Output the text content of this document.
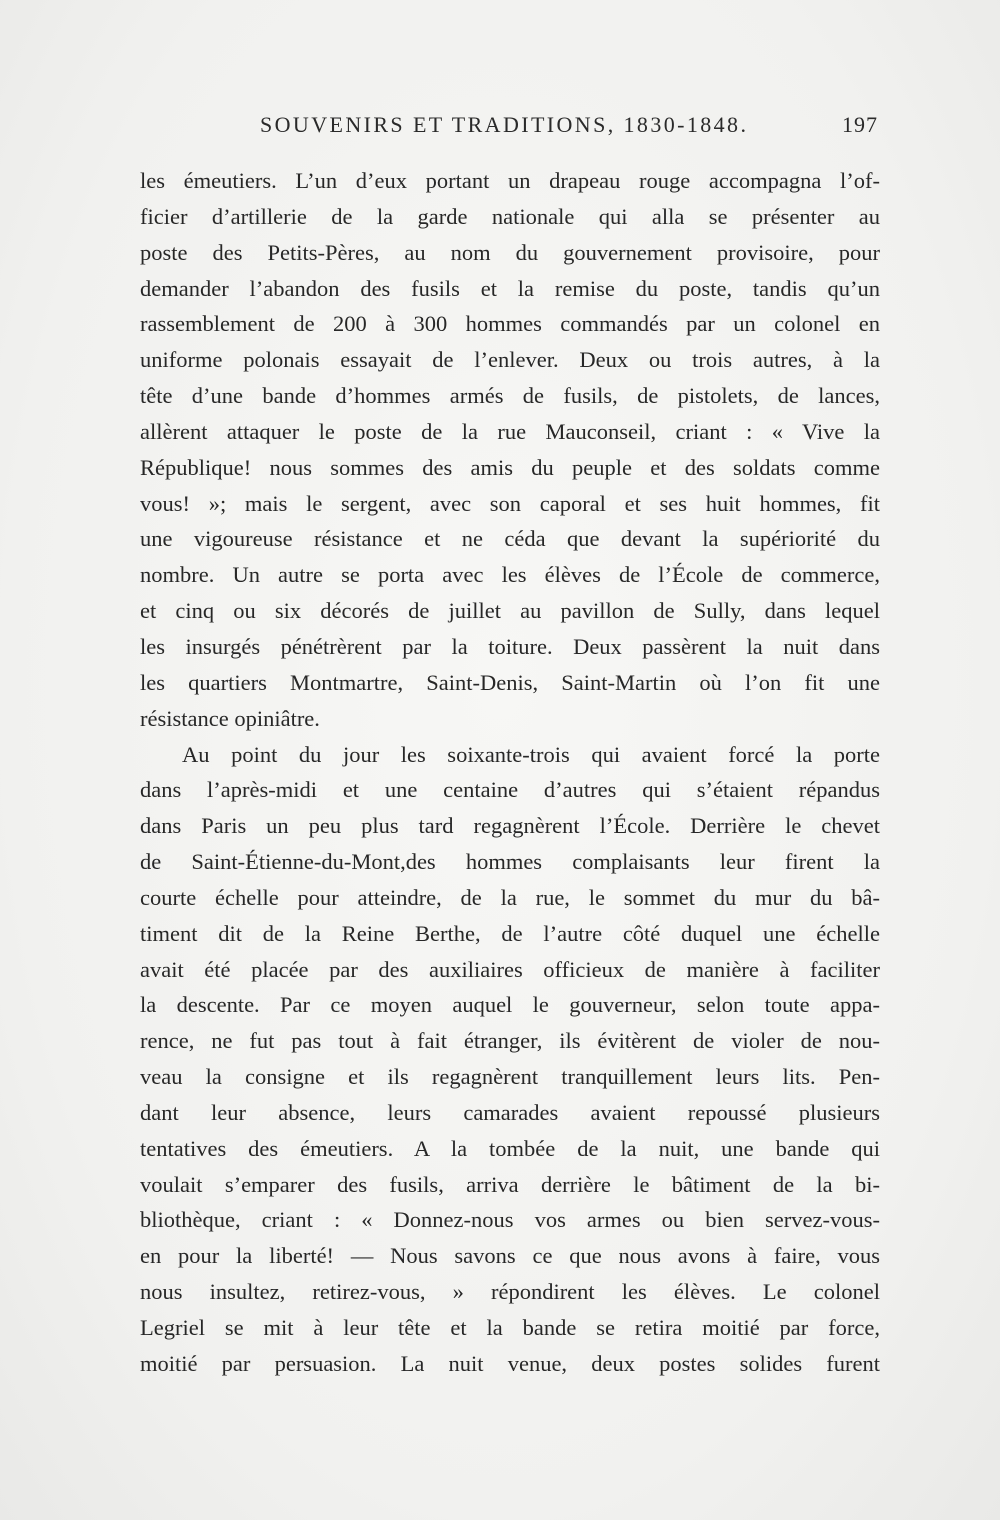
SOUVENIRS ET TRADITIONS, 1830-1848.	197
les émeutiers. L’un d’eux portant un drapeau rouge accompagna l’of-
ficier d’artillerie de la garde nationale qui alla se présenter au
poste des Petits-Pères, au nom du gouvernement provisoire, pour
demander l’abandon des fusils et la remise du poste, tandis qu’un
rassemblement de 200 à 300 hommes commandés par un colonel en
uniforme polonais essayait de l’enlever. Deux ou trois autres, à la
tête d’une bande d’hommes armés de fusils, de pistolets, de lances,
allèrent attaquer le poste de la rue Mauconseil, criant : « Vive la
République! nous sommes des amis du peuple et des soldats comme
vous! »; mais le sergent, avec son caporal et ses huit hommes, fit
une vigoureuse résistance et ne céda que devant la supériorité du
nombre. Un autre se porta avec les élèves de l’École de commerce,
et cinq ou six décorés de juillet au pavillon de Sully, dans lequel
les insurgés pénétrèrent par la toiture. Deux passèrent la nuit dans
les quartiers Montmartre, Saint-Denis, Saint-Martin où l’on fit une
résistance opiniâtre.
Au point du jour les soixante-trois qui avaient forcé la porte
dans l’après-midi et une centaine d’autres qui s’étaient répandus
dans Paris un peu plus tard regagnèrent l’École. Derrière le chevet
de Saint-Étienne-du-Mont,des hommes complaisants leur firent la
courte échelle pour atteindre, de la rue, le sommet du mur du bâ-
timent dit de la Reine Berthe, de l’autre côté duquel une échelle
avait été placée par des auxiliaires officieux de manière à faciliter
la descente. Par ce moyen auquel le gouverneur, selon toute appa-
rence, ne fut pas tout à fait étranger, ils évitèrent de violer de nou-
veau la consigne et ils regagnèrent tranquillement leurs lits. Pen-
dant leur absence, leurs camarades avaient repoussé plusieurs
tentatives des émeutiers. A la tombée de la nuit, une bande qui
voulait s’emparer des fusils, arriva derrière le bâtiment de la bi-
bliothèque, criant : « Donnez-nous vos armes ou bien servez-vous-
en pour la liberté! — Nous savons ce que nous avons à faire, vous
nous insultez, retirez-vous, » répondirent les élèves. Le colonel
Legriel se mit à leur tête et la bande se retira moitié par force,
moitié par persuasion. La nuit venue, deux postes solides furent
